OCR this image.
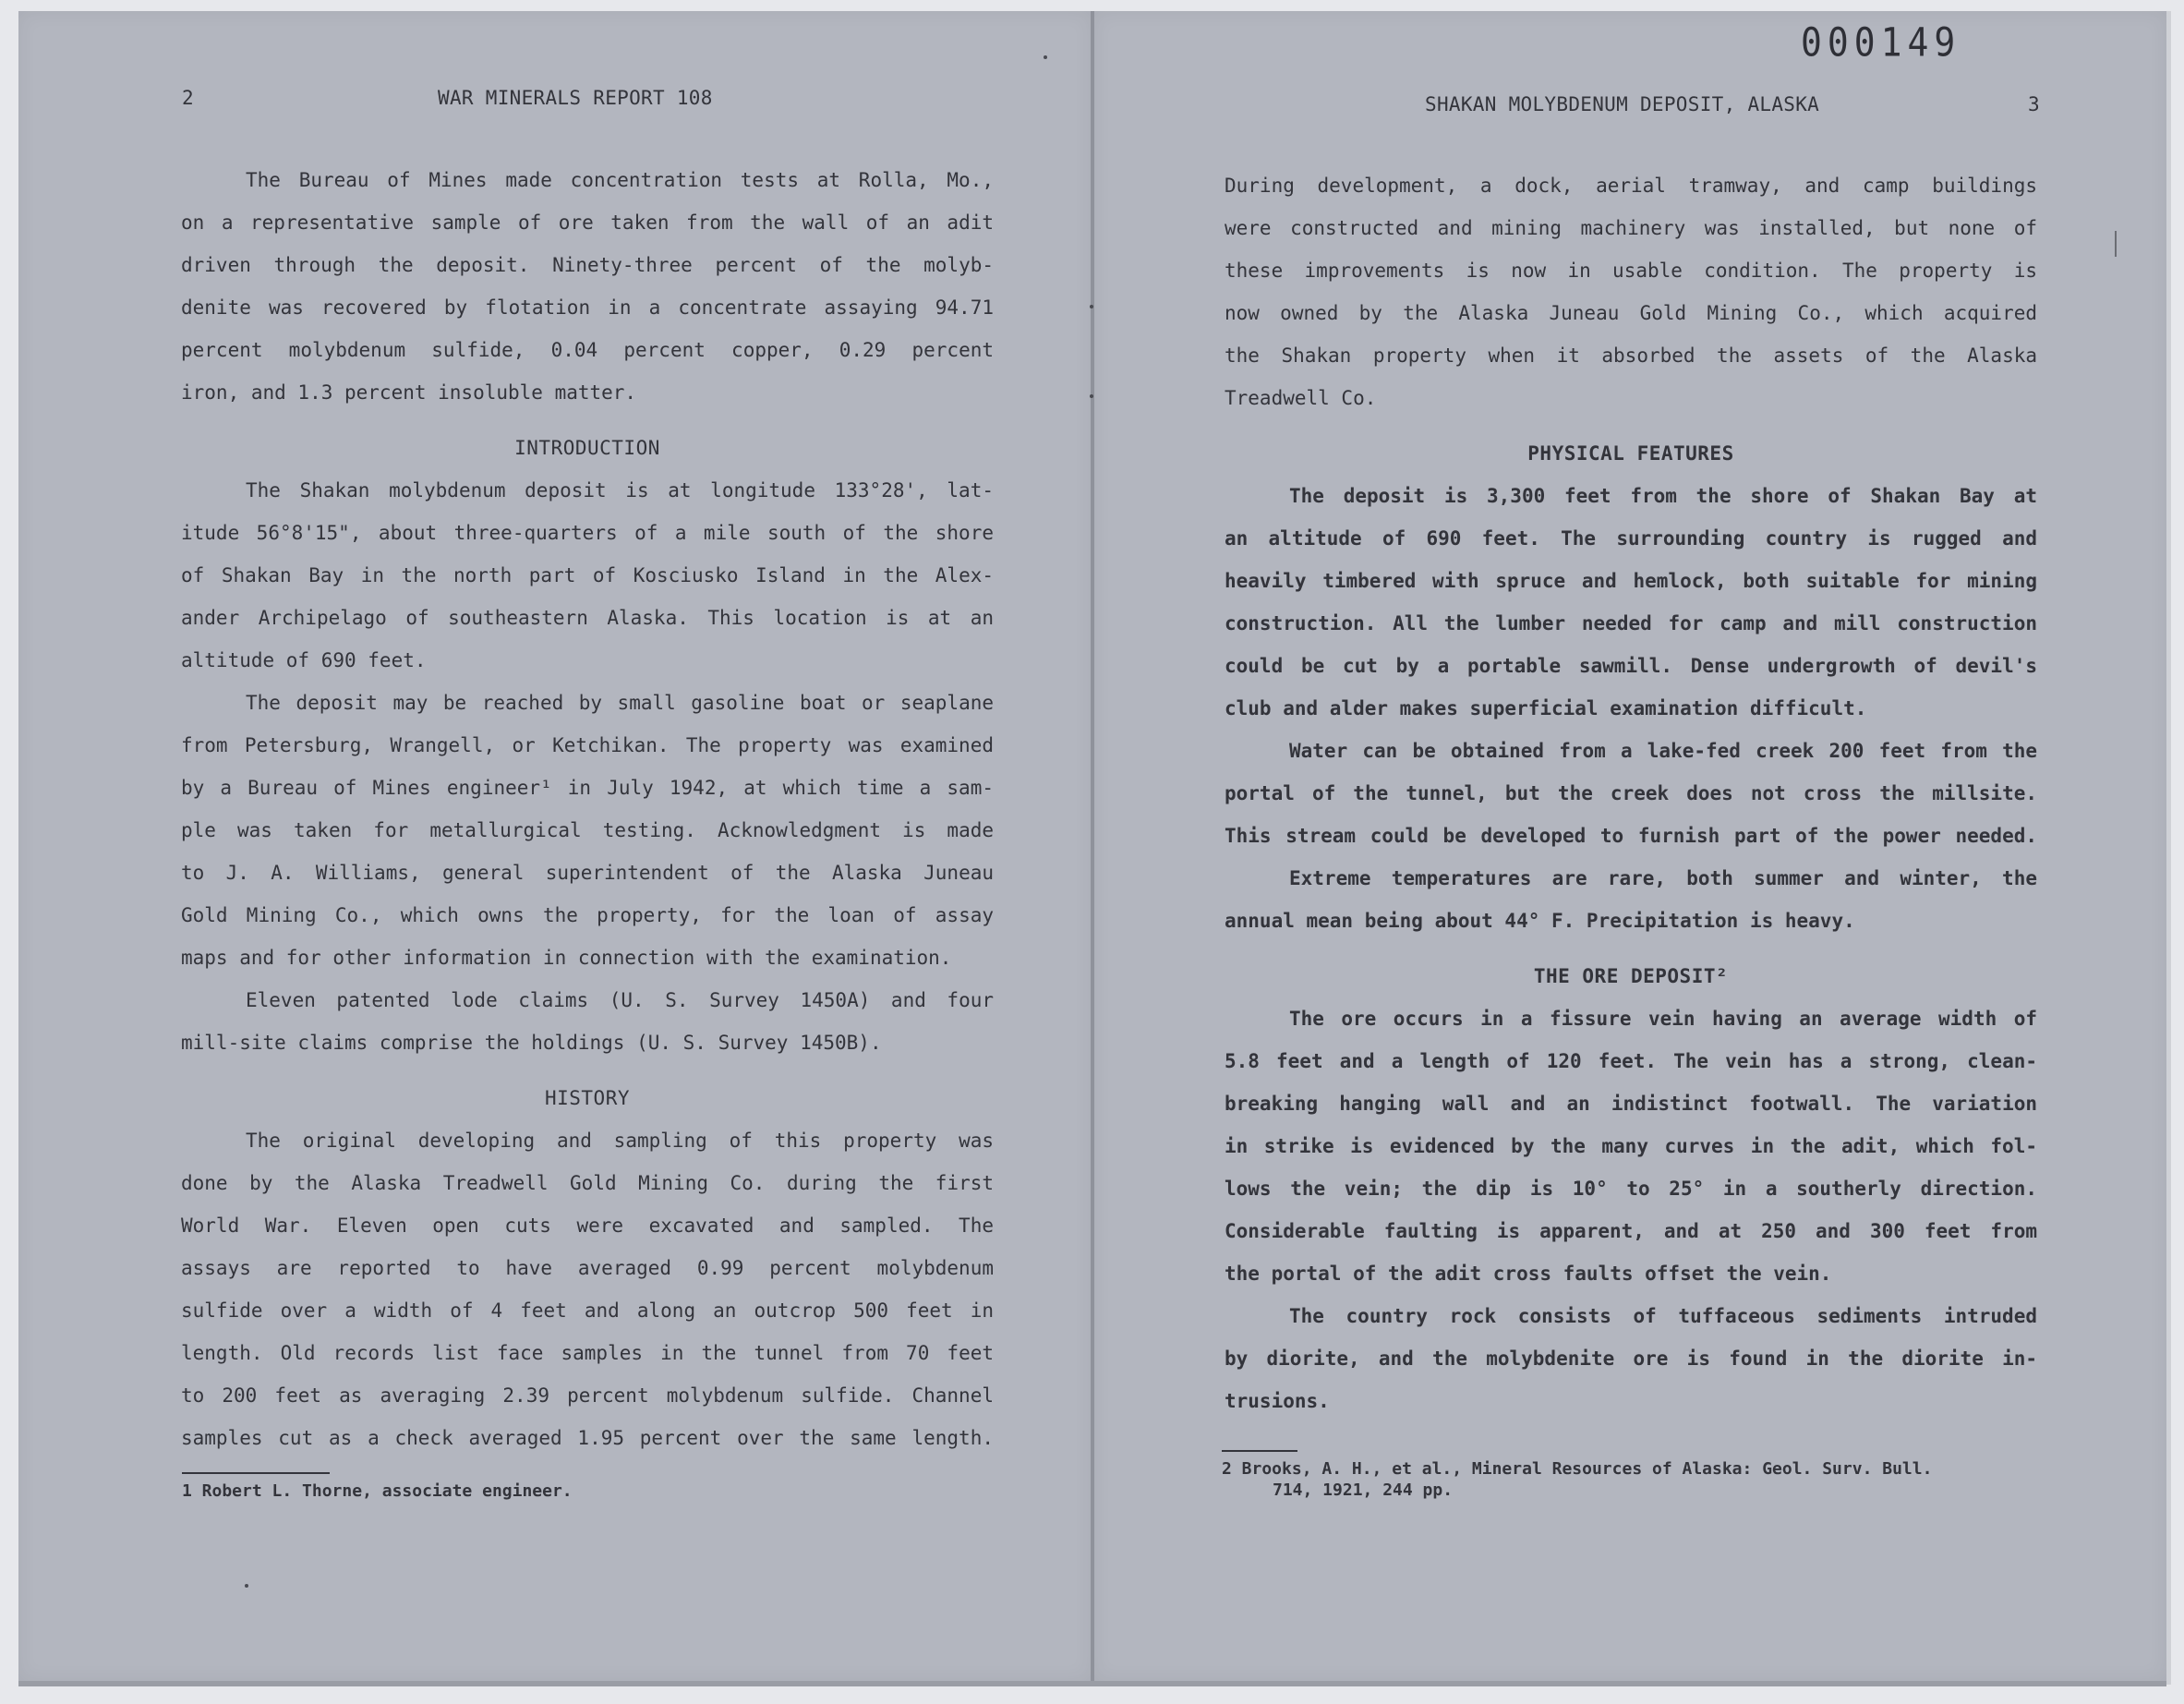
2	WAR MINERALS REPORT 108
000149
SHAKAN MOLYBDENUM DEPOSIT, ALASKA	3
The Bureau of Mines made concentration tests at Rolla, Mo.,
on a representative sample of ore taken from the wall of an adit
driven through the deposit. Ninety-three percent of the molyb-
denite was recovered by flotation in a concentrate assaying 94.71
percent molybdenum sulfide, 0.04 percent copper, 0.29 percent
iron, and 1.3 percent insoluble matter.
INTRODUCTION
The Shakan molybdenum deposit is at longitude 133°28', lat-
itude 56°8'15", about three-quarters of a mile south of the shore
of Shakan Bay in the north part of Kosciusko Island in the Alex-
ander Archipelago of southeastern Alaska. This location is at an
altitude of 690 feet.
The deposit may be reached by small gasoline boat or seaplane
from Petersburg, Wrangell, or Ketchikan. The property was examined
by a Bureau of Mines engineer¹ in July 1942, at which time a sam-
ple was taken for metallurgical testing. Acknowledgment is made
to J. A. Williams, general superintendent of the Alaska Juneau
Gold Mining Co., which owns the property, for the loan of assay
maps and for other information in connection with the examination.
Eleven patented lode claims (U. S. Survey 1450A) and four
mill-site claims comprise the holdings (U. S. Survey 1450B).
HISTORY
The original developing and sampling of this property was
done by the Alaska Treadwell Gold Mining Co. during the first
World War. Eleven open cuts were excavated and sampled. The
assays are reported to have averaged 0.99 percent molybdenum
sulfide over a width of 4 feet and along an outcrop 500 feet in
length. Old records list face samples in the tunnel from 70 feet
to 200 feet as averaging 2.39 percent molybdenum sulfide. Channel
samples cut as a check averaged 1.95 percent over the same length.
1 Robert L. Thorne, associate engineer.
During development, a dock, aerial tramway, and camp buildings
were constructed and mining machinery was installed, but none of
these improvements is now in usable condition. The property is
now owned by the Alaska Juneau Gold Mining Co., which acquired
the Shakan property when it absorbed the assets of the Alaska
Treadwell Co.
PHYSICAL FEATURES
The deposit is 3,300 feet from the shore of Shakan Bay at
an altitude of 690 feet. The surrounding country is rugged and
heavily timbered with spruce and hemlock, both suitable for mining
construction. All the lumber needed for camp and mill construction
could be cut by a portable sawmill. Dense undergrowth of devil's
club and alder makes superficial examination difficult.
Water can be obtained from a lake-fed creek 200 feet from the
portal of the tunnel, but the creek does not cross the millsite.
This stream could be developed to furnish part of the power needed.
Extreme temperatures are rare, both summer and winter, the
annual mean being about 44° F. Precipitation is heavy.
THE ORE DEPOSIT²
The ore occurs in a fissure vein having an average width of
5.8 feet and a length of 120 feet. The vein has a strong, clean-
breaking hanging wall and an indistinct footwall. The variation
in strike is evidenced by the many curves in the adit, which fol-
lows the vein; the dip is 10° to 25° in a southerly direction.
Considerable faulting is apparent, and at 250 and 300 feet from
the portal of the adit cross faults offset the vein.
The country rock consists of tuffaceous sediments intruded
by diorite, and the molybdenite ore is found in the diorite in-
trusions.
2 Brooks, A. H., et al., Mineral Resources of Alaska: Geol. Surv. Bull.
714, 1921, 244 pp.
